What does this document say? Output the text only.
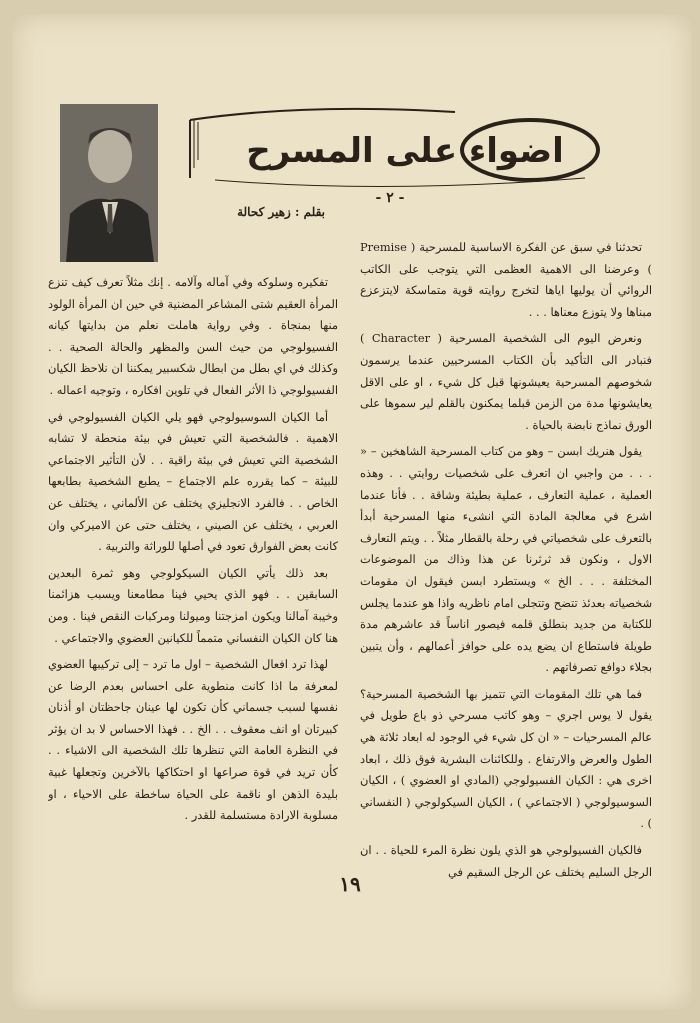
اضواء على المسرح
- ٢ -
بقلم : زهير كحالة

تحدثنا في سبق عن الفكرة الاساسية للمسرحية ( Premise ) وعرضنا الى الاهمية العظمى التي يتوجب على الكاتب الروائي أن يوليها اياها لتخرج روايته قوية متماسكة لايتزعزع مبناها ولا يتوزع معناها . . .

ونعرض اليوم الى الشخصية المسرحية ( Character ) فنبادر الى التأكيد بأن الكتاب المسرحيين عندما يرسمون شخوصهم المسرحية يعيشونها قبل كل شيء ، او على الاقل يعايشونها مدة من الزمن قبلما يمكنون بالقلم لير سموها على الورق نماذج نابضة بالحياة .

يقول هنريك ابسن – وهو من كتاب المسرحية الشاهخين – « . . . من واجبي ان اتعرف على شخصيات روايتي . . وهذه العملية ، عملية التعارف ، عملية بطيئة وشاقة . . فأنا عندما اشرع في معالجة المادة التي انشىء منها المسرحية أبدأ بالتعرف على شخصياتي في رحلة بالقطار مثلاً . . ويتم التعارف الاول ، ونكون قد ثرثرنا عن هذا وذاك من الموضوعات المختلفة . . . الخ » ويستطرد ابسن فيقول ان مقومات شخصياته بعدئذ تتضح وتتجلى امام ناظريه واذا هو عندما يجلس للكتابة من جديد بنطلق قلمه فيصور اناساً قد عاشرهم مدة طويلة فاستطاع ان يضع يده على حوافز أعمالهم ، وأن يتبين بجلاء دوافع تصرفاتهم .

فما هي تلك المقومات التي تتميز بها الشخصية المسرحية؟ يقول لا يوس اجري – وهو كاتب مسرحي ذو باع طويل في عالم المسرحيات – « ان كل شيء في الوجود له ابعاد ثلاثة هي الطول والعرض والارتفاع . وللكائنات البشرية فوق ذلك ، ابعاد اخرى هي : الكيان الفسيولوجي (المادي او العضوي ) ، الكيان السوسيولوجي ( الاجتماعي ) ، الكيان السيكولوجي ( النفساني ) .

فالكيان الفسيولوجي هو الذي يلون نظرة المرء للحياة . . ان الرجل السليم يختلف عن الرجل السقيم في

تفكيره وسلوكه وفي آماله وآلامه . إنك مثلاً تعرف كيف تنزع المرأة العقيم شتى المشاعر المضنية في حين ان المرأة الولود منها بمنجاة . وفي رواية هاملت نعلم من بدايتها كيانه الفسيولوجي من حيث السن والمظهر والحالة الصحية . . وكذلك في اي بطل من ابطال شكسبير يمكننا ان نلاحظ الكيان الفسيولوجي ذا الأثر الفعال في تلوين افكاره ، وتوجيه اعماله .

أما الكيان السوسيولوجي فهو يلي الكيان الفسيولوجي في الاهمية . فالشخصية التي تعيش في بيئة منحطة لا تشابه الشخصية التي تعيش في بيئة راقية . . لأن التأثير الاجتماعي للبيئة – كما يقرره علم الاجتماع – يطبع الشخصية بطابعها الخاص . . فالفرد الانجليزي يختلف عن الألماني ، يختلف عن العربي ، يختلف عن الصيني ، يختلف حتى عن الاميركي وان كانت بعض الفوارق تعود في أصلها للوراثة والتربية .

بعد ذلك يأتي الكيان السيكولوجي وهو ثمرة البعدين السابقين . . فهو الذي يحيي فينا مطامعنا ويسبب هزائمنا وخيبة آمالنا ويكون امزجتنا وميولنا ومركبات النقص فينا . ومن هنا كان الكيان النفساني متمماً للكيانين العضوي والاجتماعي .

لهذا ترد افعال الشخصية – اول ما ترد – إلى تركيبها العضوي لمعرفة ما اذا كانت منطوية على احساس بعدم الرضا عن نفسها لسبب جسماني كأن تكون لها عينان جاحظتان او أذنان كبيرتان او انف معقوف . . الخ . . فهذا الاحساس لا بد ان يؤثر في النظرة العامة التي تنظرها تلك الشخصية الى الاشياء . . كأن تريد في قوة صراعها او احتكاكها بالآخرين وتجعلها غبية بليدة الذهن او ناقمة على الحياة ساخطة على الاحياء ، او مسلوبة الارادة مستسلمة للقدر .

١٩
